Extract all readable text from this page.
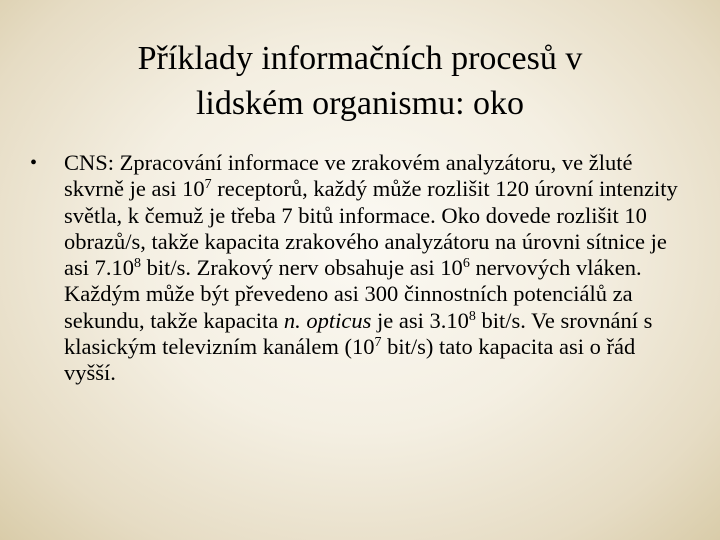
Příklady informačních procesů v
lidském organismu: oko
• CNS: Zpracování informace ve zrakovém analyzátoru, ve žluté skvrně je asi $10^7$ receptorů, každý může rozlišit 120 úrovní intenzity světla, k čemuž je třeba 7 bitů informace. Oko dovede rozlišit 10 obrazů/s, takže kapacita zrakového analyzátoru na úrovni sítnice je asi 7.10$^8$ bit/s. Zrakový nerv obsahuje asi $10^6$ nervových vláken. Každým může být převedeno asi 300 činnostních potenciálů za sekundu, takže kapacita n. opticus je asi 3.10$^8$ bit/s. Ve srovnání s klasickým televizním kanálem ($10^7$ bit/s) tato kapacita asi o řád vyšší.
